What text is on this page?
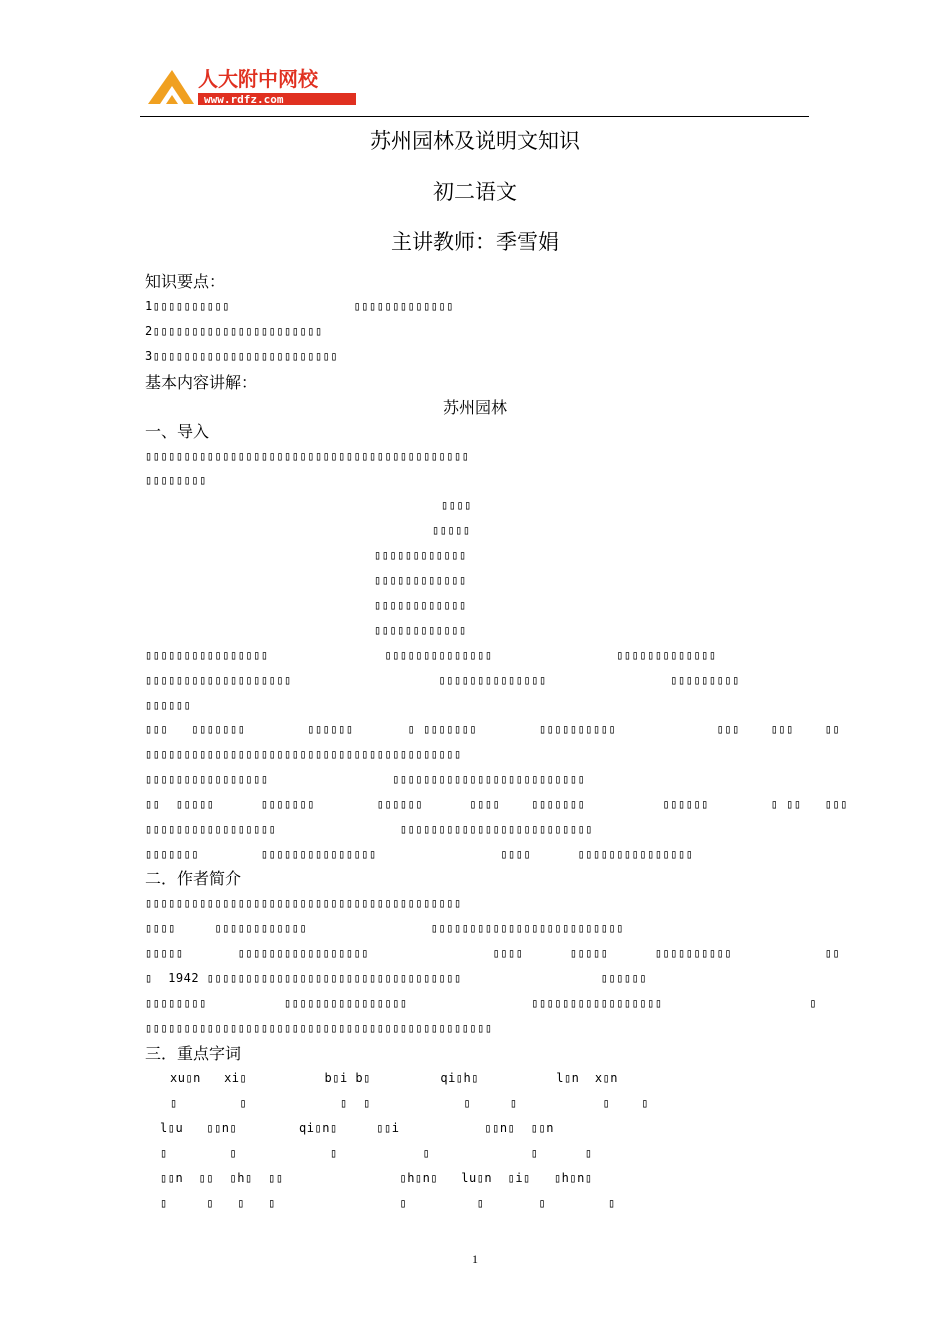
人大附中网校
www.rdfz.com
苏州园林及说明文知识
初二语文
主讲教师：季雪娟
知识要点：
1▯▯▯▯▯▯▯▯▯▯                ▯▯▯▯▯▯▯▯▯▯▯▯▯
2▯▯▯▯▯▯▯▯▯▯▯▯▯▯▯▯▯▯▯▯▯▯
3▯▯▯▯▯▯▯▯▯▯▯▯▯▯▯▯▯▯▯▯▯▯▯▯
基本内容讲解：
苏州园林
一、导入
▯▯▯▯▯▯▯▯▯▯▯▯▯▯▯▯▯▯▯▯▯▯▯▯▯▯▯▯▯▯▯▯▯▯▯▯▯▯▯▯▯▯
▯▯▯▯▯▯▯▯
▯▯▯▯
▯▯▯▯▯
▯▯▯▯▯▯▯▯▯▯▯▯
▯▯▯▯▯▯▯▯▯▯▯▯
▯▯▯▯▯▯▯▯▯▯▯▯
▯▯▯▯▯▯▯▯▯▯▯▯
▯▯▯▯▯▯▯▯▯▯▯▯▯▯▯▯               ▯▯▯▯▯▯▯▯▯▯▯▯▯▯                ▯▯▯▯▯▯▯▯▯▯▯▯▯
▯▯▯▯▯▯▯▯▯▯▯▯▯▯▯▯▯▯▯                   ▯▯▯▯▯▯▯▯▯▯▯▯▯▯                ▯▯▯▯▯▯▯▯▯
▯▯▯▯▯▯
▯▯▯   ▯▯▯▯▯▯▯        ▯▯▯▯▯▯       ▯ ▯▯▯▯▯▯▯        ▯▯▯▯▯▯▯▯▯▯             ▯▯▯    ▯▯▯    ▯▯
▯▯▯▯▯▯▯▯▯▯▯▯▯▯▯▯▯▯▯▯▯▯▯▯▯▯▯▯▯▯▯▯▯▯▯▯▯▯▯▯▯
▯▯▯▯▯▯▯▯▯▯▯▯▯▯▯▯                ▯▯▯▯▯▯▯▯▯▯▯▯▯▯▯▯▯▯▯▯▯▯▯▯▯
▯▯  ▯▯▯▯▯      ▯▯▯▯▯▯▯        ▯▯▯▯▯▯      ▯▯▯▯    ▯▯▯▯▯▯▯          ▯▯▯▯▯▯        ▯ ▯▯   ▯▯▯
▯▯▯▯▯▯▯▯▯▯▯▯▯▯▯▯▯                ▯▯▯▯▯▯▯▯▯▯▯▯▯▯▯▯▯▯▯▯▯▯▯▯▯
▯▯▯▯▯▯▯        ▯▯▯▯▯▯▯▯▯▯▯▯▯▯▯                ▯▯▯▯      ▯▯▯▯▯▯▯▯▯▯▯▯▯▯▯
二．作者简介
▯▯▯▯▯▯▯▯▯▯▯▯▯▯▯▯▯▯▯▯▯▯▯▯▯▯▯▯▯▯▯▯▯▯▯▯▯▯▯▯▯
▯▯▯▯     ▯▯▯▯▯▯▯▯▯▯▯▯                ▯▯▯▯▯▯▯▯▯▯▯▯▯▯▯▯▯▯▯▯▯▯▯▯▯
▯▯▯▯▯       ▯▯▯▯▯▯▯▯▯▯▯▯▯▯▯▯▯                ▯▯▯▯      ▯▯▯▯▯      ▯▯▯▯▯▯▯▯▯▯            ▯▯
▯  1942 ▯▯▯▯▯▯▯▯▯▯▯▯▯▯▯▯▯▯▯▯▯▯▯▯▯▯▯▯▯▯▯▯▯                  ▯▯▯▯▯▯
▯▯▯▯▯▯▯▯          ▯▯▯▯▯▯▯▯▯▯▯▯▯▯▯▯                ▯▯▯▯▯▯▯▯▯▯▯▯▯▯▯▯▯                   ▯
▯▯▯▯▯▯▯▯▯▯▯▯▯▯▯▯▯▯▯▯▯▯▯▯▯▯▯▯▯▯▯▯▯▯▯▯▯▯▯▯▯▯▯▯▯
三．重点字词
xu▯n   xi▯          b▯i b▯         qi▯h▯          l▯n  x▯n
▯        ▯            ▯  ▯            ▯     ▯           ▯    ▯
l▯u   ▯▯n▯        qi▯n▯     ▯▯i           ▯▯n▯  ▯▯n
▯        ▯            ▯           ▯             ▯      ▯
▯▯n  ▯▯  ▯h▯  ▯▯               ▯h▯n▯   lu▯n  ▯i▯   ▯h▯n▯
▯     ▯   ▯   ▯                ▯         ▯       ▯        ▯
1
